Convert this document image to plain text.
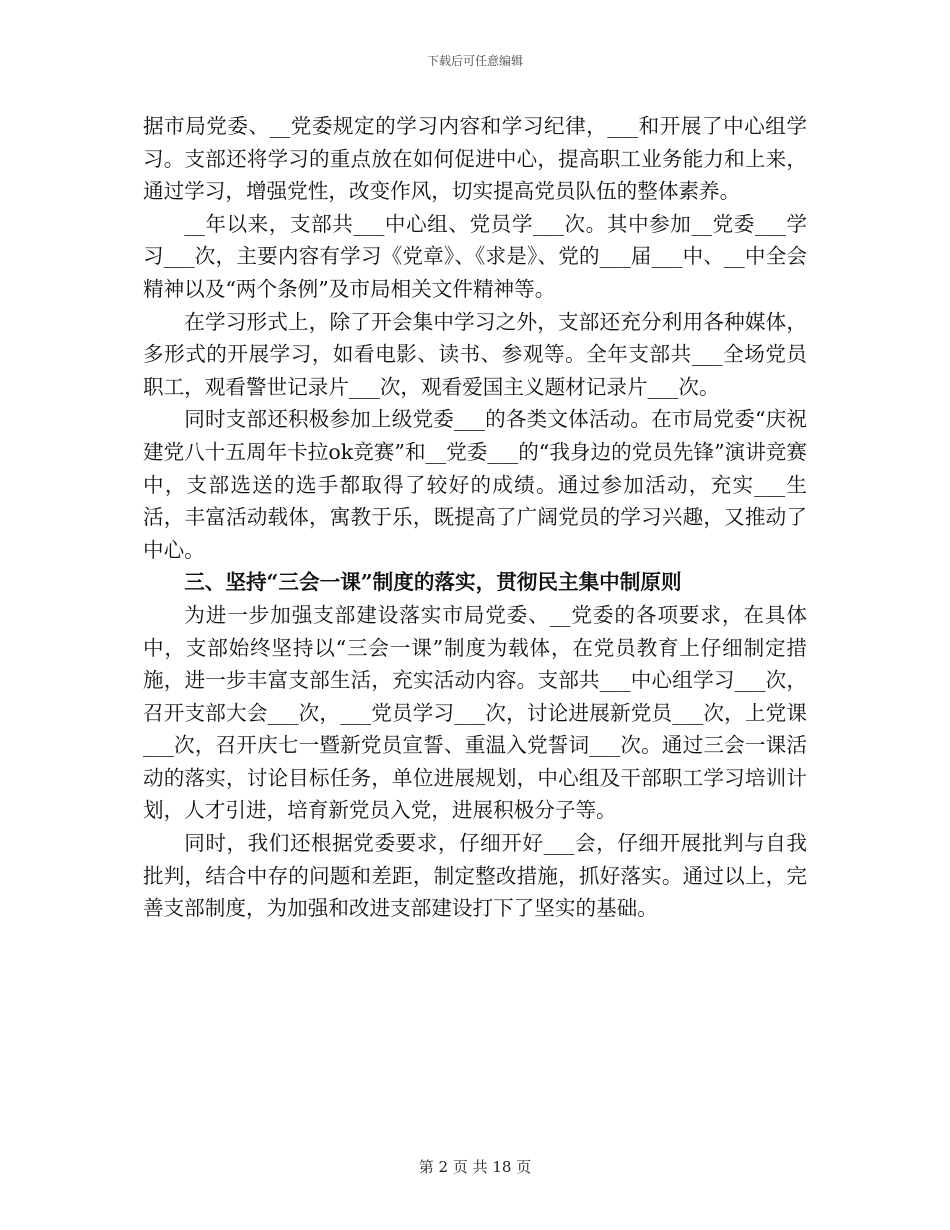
下载后可任意编辑

据市局党委、__党委规定的学习内容和学习纪律，___和开展了中心组学习。支部还将学习的重点放在如何促进中心，提高职工业务能力和上来，通过学习，增强党性，改变作风，切实提高党员队伍的整体素养。

__年以来，支部共___中心组、党员学___次。其中参加__党委___学习___次，主要内容有学习《党章》、《求是》、党的___届___中、__中全会精神以及“两个条例”及市局相关文件精神等。

在学习形式上，除了开会集中学习之外，支部还充分利用各种媒体，多形式的开展学习，如看电影、读书、参观等。全年支部共___全场党员职工，观看警世记录片___次，观看爱国主义题材记录片___次。

同时支部还积极参加上级党委___的各类文体活动。在市局党委“庆祝建党八十五周年卡拉ok竞赛”和__党委___的“我身边的党员先锋”演讲竞赛中，支部选送的选手都取得了较好的成绩。通过参加活动，充实___生活，丰富活动载体，寓教于乐，既提高了广阔党员的学习兴趣，又推动了中心。

三、坚持“三会一课”制度的落实，贯彻民主集中制原则

为进一步加强支部建设落实市局党委、__党委的各项要求，在具体中，支部始终坚持以“三会一课”制度为载体，在党员教育上仔细制定措施，进一步丰富支部生活，充实活动内容。支部共___中心组学习___次，召开支部大会___次，___党员学习___次，讨论进展新党员___次，上党课___次，召开庆七一暨新党员宣誓、重温入党誓词___次。通过三会一课活动的落实，讨论目标任务，单位进展规划，中心组及干部职工学习培训计划，人才引进，培育新党员入党，进展积极分子等。

同时，我们还根据党委要求，仔细开好___会，仔细开展批判与自我批判，结合中存的问题和差距，制定整改措施，抓好落实。通过以上，完善支部制度，为加强和改进支部建设打下了坚实的基础。

第 2 页 共 18 页
